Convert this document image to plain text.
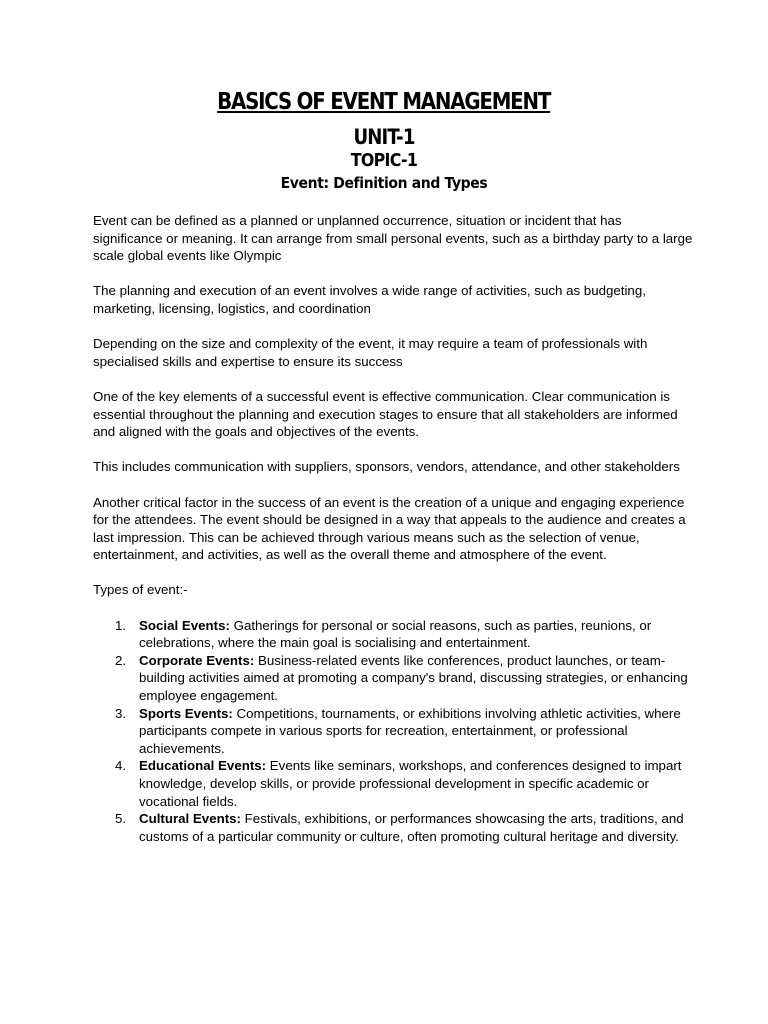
BASICS OF EVENT MANAGEMENT
UNIT-1
TOPIC-1
Event: Definition and Types

Event can be defined as a planned or unplanned occurrence, situation or incident that has significance or meaning. It can arrange from small personal events, such as a birthday party to a large scale global events like Olympic

The planning and execution of an event involves a wide range of activities, such as budgeting, marketing, licensing, logistics, and coordination

Depending on the size and complexity of the event, it may require a team of professionals with specialised skills and expertise to ensure its success

One of the key elements of a successful event is effective communication. Clear communication is essential throughout the planning and execution stages to ensure that all stakeholders are informed and aligned with the goals and objectives of the events.

This includes communication with suppliers, sponsors, vendors, attendance, and other stakeholders

Another critical factor in the success of an event is the creation of a unique and engaging experience for the attendees. The event should be designed in a way that appeals to the audience and creates a last impression. This can be achieved through various means such as the selection of venue, entertainment, and activities, as well as the overall theme and atmosphere of the event.

Types of event:-
1. Social Events: Gatherings for personal or social reasons, such as parties, reunions, or celebrations, where the main goal is socialising and entertainment.
2. Corporate Events: Business-related events like conferences, product launches, or team-building activities aimed at promoting a company's brand, discussing strategies, or enhancing employee engagement.
3. Sports Events: Competitions, tournaments, or exhibitions involving athletic activities, where participants compete in various sports for recreation, entertainment, or professional achievements.
4. Educational Events: Events like seminars, workshops, and conferences designed to impart knowledge, develop skills, or provide professional development in specific academic or vocational fields.
5. Cultural Events: Festivals, exhibitions, or performances showcasing the arts, traditions, and customs of a particular community or culture, often promoting cultural heritage and diversity.
